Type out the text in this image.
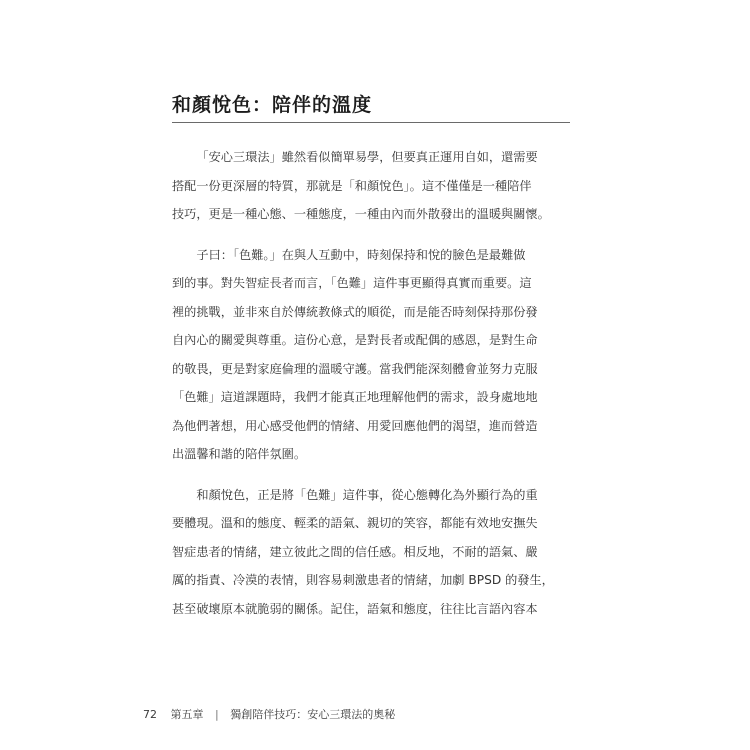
和顏悅色：陪伴的溫度

「安心三環法」雖然看似簡單易學，但要真正運用自如，還需要
搭配一份更深層的特質，那就是「和顏悅色」。這不僅僅是一種陪伴
技巧，更是一種心態、一種態度，一種由內而外散發出的溫暖與關懷。

子曰：「色難。」在與人互動中，時刻保持和悅的臉色是最難做
到的事。對失智症長者而言，「色難」這件事更顯得真實而重要。這
裡的挑戰，並非來自於傳統教條式的順從，而是能否時刻保持那份發
自內心的關愛與尊重。這份心意，是對長者或配偶的感恩，是對生命
的敬畏，更是對家庭倫理的溫暖守護。當我們能深刻體會並努力克服
「色難」這道課題時，我們才能真正地理解他們的需求，設身處地地
為他們著想，用心感受他們的情緒、用愛回應他們的渴望，進而營造
出溫馨和諧的陪伴氛圍。

和顏悅色，正是將「色難」這件事，從心態轉化為外顯行為的重
要體現。溫和的態度、輕柔的語氣、親切的笑容，都能有效地安撫失
智症患者的情緒，建立彼此之間的信任感。相反地，不耐的語氣、嚴
厲的指責、冷漠的表情，則容易刺激患者的情緒，加劇 BPSD 的發生，
甚至破壞原本就脆弱的關係。記住，語氣和態度，往往比言語內容本

72 第五章 | 獨創陪伴技巧：安心三環法的奧秘
